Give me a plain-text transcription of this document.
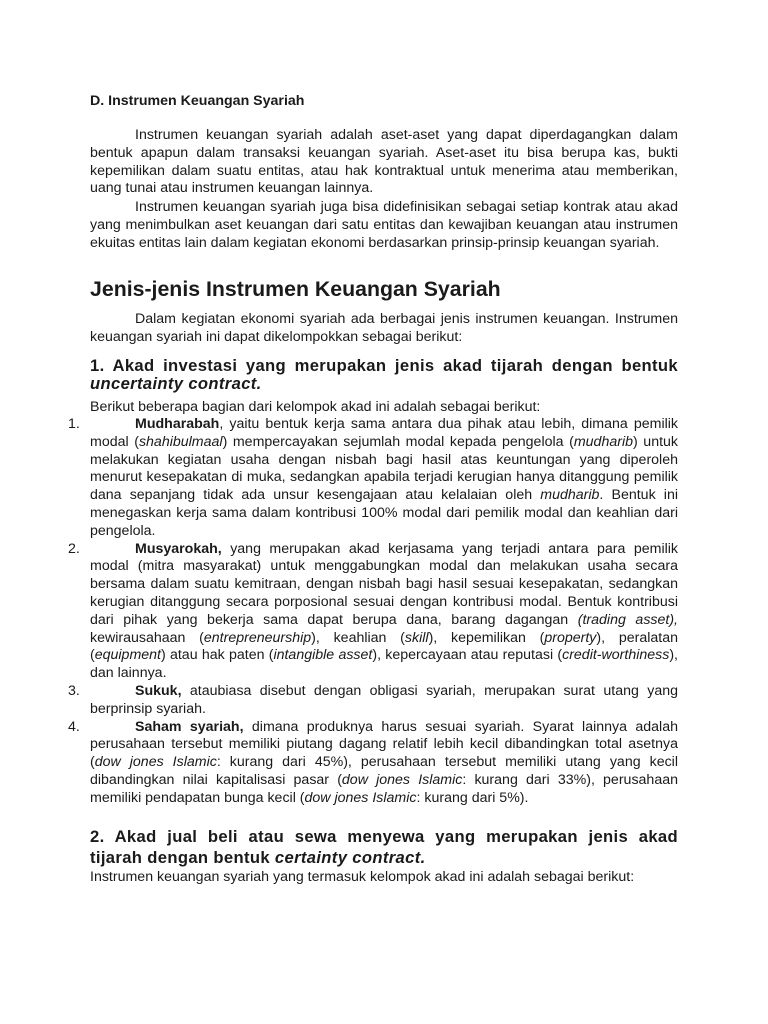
D. Instrumen Keuangan Syariah

Instrumen keuangan syariah adalah aset-aset yang dapat diperdagangkan dalam bentuk apapun dalam transaksi keuangan syariah. Aset-aset itu bisa berupa kas, bukti kepemilikan dalam suatu entitas, atau hak kontraktual untuk menerima atau memberikan, uang tunai atau instrumen keuangan lainnya.

Instrumen keuangan syariah juga bisa didefinisikan sebagai setiap kontrak atau akad yang menimbulkan aset keuangan dari satu entitas dan kewajiban keuangan atau instrumen ekuitas entitas lain dalam kegiatan ekonomi berdasarkan prinsip-prinsip keuangan syariah.

Jenis-jenis Instrumen Keuangan Syariah

Dalam kegiatan ekonomi syariah ada berbagai jenis instrumen keuangan. Instrumen keuangan syariah ini dapat dikelompokkan sebagai berikut:

1. Akad investasi yang merupakan jenis akad tijarah dengan bentuk uncertainty contract.

Berikut beberapa bagian dari kelompok akad ini adalah sebagai berikut:

1.	Mudharabah, yaitu bentuk kerja sama antara dua pihak atau lebih, dimana pemilik modal (shahibulmaal) mempercayakan sejumlah modal kepada pengelola (mudharib) untuk melakukan kegiatan usaha dengan nisbah bagi hasil atas keuntungan yang diperoleh menurut kesepakatan di muka, sedangkan apabila terjadi kerugian hanya ditanggung pemilik dana sepanjang tidak ada unsur kesengajaan atau kelalaian oleh mudharib. Bentuk ini menegaskan kerja sama dalam kontribusi 100% modal dari pemilik modal dan keahlian dari pengelola.
2.	Musyarokah, yang merupakan akad kerjasama yang terjadi antara para pemilik modal (mitra masyarakat) untuk menggabungkan modal dan melakukan usaha secara bersama dalam suatu kemitraan, dengan nisbah bagi hasil sesuai kesepakatan, sedangkan kerugian ditanggung secara porposional sesuai dengan kontribusi modal. Bentuk kontribusi dari pihak yang bekerja sama dapat berupa dana, barang dagangan (trading asset), kewirausahaan (entrepreneurship), keahlian (skill), kepemilikan (property), peralatan (equipment) atau hak paten (intangible asset), kepercayaan atau reputasi (credit-worthiness), dan lainnya.
3.	Sukuk, ataubiasa disebut dengan obligasi syariah, merupakan surat utang yang berprinsip syariah.
4.	Saham syariah, dimana produknya harus sesuai syariah. Syarat lainnya adalah perusahaan tersebut memiliki piutang dagang relatif lebih kecil dibandingkan total asetnya (dow jones Islamic: kurang dari 45%), perusahaan tersebut memiliki utang yang kecil dibandingkan nilai kapitalisasi pasar (dow jones Islamic: kurang dari 33%), perusahaan memiliki pendapatan bunga kecil (dow jones Islamic: kurang dari 5%).
2. Akad jual beli atau sewa menyewa yang merupakan jenis akad tijarah dengan bentuk certainty contract.

Instrumen keuangan syariah yang termasuk kelompok akad ini adalah sebagai berikut:
